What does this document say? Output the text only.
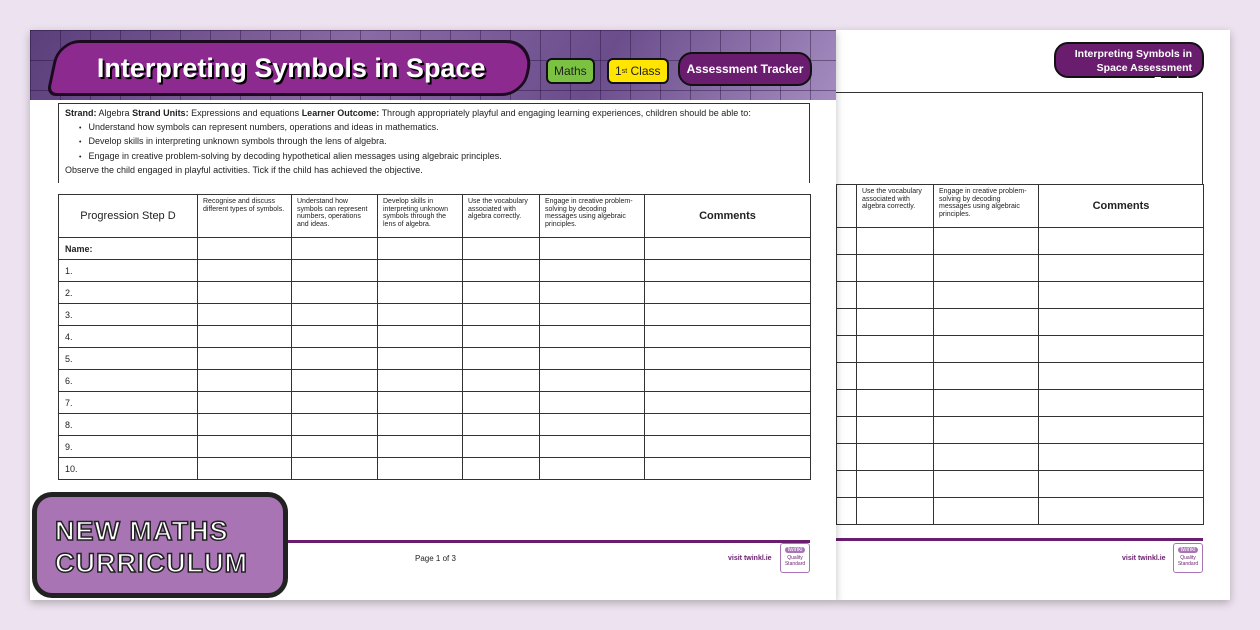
Interpreting Symbols in Space Assessment Tracker
	Use the vocabulary associated with algebra correctly.	Engage in creative problem-solving by decoding messages using algebraic principles.	Comments

visit twinkl.ie
twinkl
Quality Standard
Interpreting Symbols in Space	Maths	1 st
Class	Assessment Tracker

Strand: Algebra Strand Units: Expressions and equations Learner Outcome: Through appropriately playful and engaging learning experiences, children should be able to:

• Understand how symbols can represent numbers, operations and ideas in mathematics.
• Develop skills in interpreting unknown symbols through the lens of algebra.
• Engage in creative problem-solving by decoding hypothetical alien messages using algebraic principles.

Observe the child engaged in playful activities. Tick if the child has achieved the objective.

Progression Step D	Recognise and discuss different types of symbols.	Understand how symbols can represent numbers, operations and ideas.	Develop skills in interpreting unknown symbols through the lens of algebra.	Use the vocabulary associated with algebra correctly.	Engage in creative problem-solving by decoding messages using algebraic principles.	Comments
Name:						
1.						
2.						
3.						
4.						
5.						
6.						
7.						
8.						
9.						
10.						
Page 1 of 3	visit twinkl.ie
twinkl
Quality Standard
NEW MATHS
CURRICULUM
